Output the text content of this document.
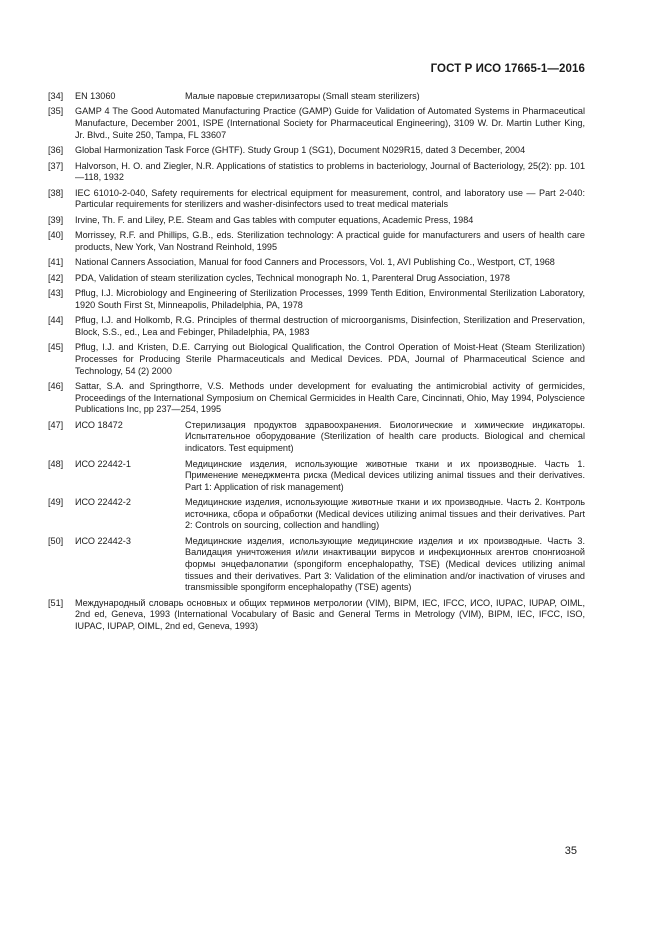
ГОСТ Р ИСО 17665-1—2016
[34] EN 13060	Малые паровые стерилизаторы (Small steam sterilizers)
[35] GAMP 4 The Good Automated Manufacturing Practice (GAMP) Guide for Validation of Automated Systems in Pharmaceutical Manufacture, December 2001, ISPE (International Society for Pharmaceutical Engineering), 3109 W. Dr. Martin Luther King, Jr. Blvd., Suite 250, Tampa, FL 33607
[36] Global Harmonization Task Force (GHTF). Study Group 1 (SG1), Document N029R15, dated 3 December, 2004
[37] Halvorson, H. O. and Ziegler, N.R. Applications of statistics to problems in bacteriology, Journal of Bacteriology, 25(2): pp. 101—118, 1932
[38] IEC 61010-2-040, Safety requirements for electrical equipment for measurement, control, and laboratory use — Part 2-040: Particular requirements for sterilizers and washer-disinfectors used to treat medical materials
[39] Irvine, Th. F. and Liley, P.E. Steam and Gas tables with computer equations, Academic Press, 1984
[40] Morrissey, R.F. and Phillips, G.B., eds. Sterilization technology: A practical guide for manufacturers and users of health care products, New York, Van Nostrand Reinhold, 1995
[41] National Canners Association, Manual for food Canners and Processors, Vol. 1, AVI Publishing Co., Westport, CT, 1968
[42] PDA, Validation of steam sterilization cycles, Technical monograph No. 1, Parenteral Drug Association, 1978
[43] Pflug, I.J. Microbiology and Engineering of Sterilization Processes, 1999 Tenth Edition, Environmental Sterilization Laboratory, 1920 South First St, Minneapolis, Philadelphia, PA, 1978
[44] Pflug, I.J. and Holkomb, R.G. Principles of thermal destruction of microorganisms, Disinfection, Sterilization and Preservation, Block, S.S., ed., Lea and Febinger, Philadelphia, PA, 1983
[45] Pflug, I.J. and Kristen, D.E. Carrying out Biological Qualification, the Control Operation of Moist-Heat (Steam Sterilization) Processes for Producing Sterile Pharmaceuticals and Medical Devices. PDA, Journal of Pharmaceutical Science and Technology, 54 (2) 2000
[46] Sattar, S.A. and Springthorre, V.S. Methods under development for evaluating the antimicrobial activity of germicides, Proceedings of the International Symposium on Chemical Germicides in Health Care, Cincinnati, Ohio, May 1994, Polyscience Publications Inc, pp 237—254, 1995
[47] ИСО 18472	Стерилизация продуктов здравоохранения. Биологические и химические индикаторы. Испытательное оборудование (Sterilization of health care products. Biological and chemical indicators. Test equipment)
[48] ИСО 22442-1	Медицинские изделия, использующие животные ткани и их производные. Часть 1. Применение менеджмента риска (Medical devices utilizing animal tissues and their derivatives. Part 1: Application of risk management)
[49] ИСО 22442-2	Медицинские изделия, использующие животные ткани и их производные. Часть 2. Контроль источника, сбора и обработки (Medical devices utilizing animal tissues and their derivatives. Part 2: Controls on sourcing, collection and handling)
[50] ИСО 22442-3	Медицинские изделия, использующие медицинские изделия и их производные. Часть 3. Валидация уничтожения и/или инактивации вирусов и инфекционных агентов спонгиозной формы энцефалопатии (spongiform encephalopathy, TSE) (Medical devices utilizing animal tissues and their derivatives. Part 3: Validation of the elimination and/or inactivation of viruses and transmissible spongiform encephalopathy (TSE) agents)
[51] Международный словарь основных и общих терминов метрологии (VIM), BIPM, IEC, IFCC, ИСО, IUPAC, IUPAP, OIML, 2nd ed, Geneva, 1993 (International Vocabulary of Basic and General Terms in Metrology (VIM), BIPM, IEC, IFCC, ISO, IUPAC, IUPAP, OIML, 2nd ed, Geneva, 1993)
35
